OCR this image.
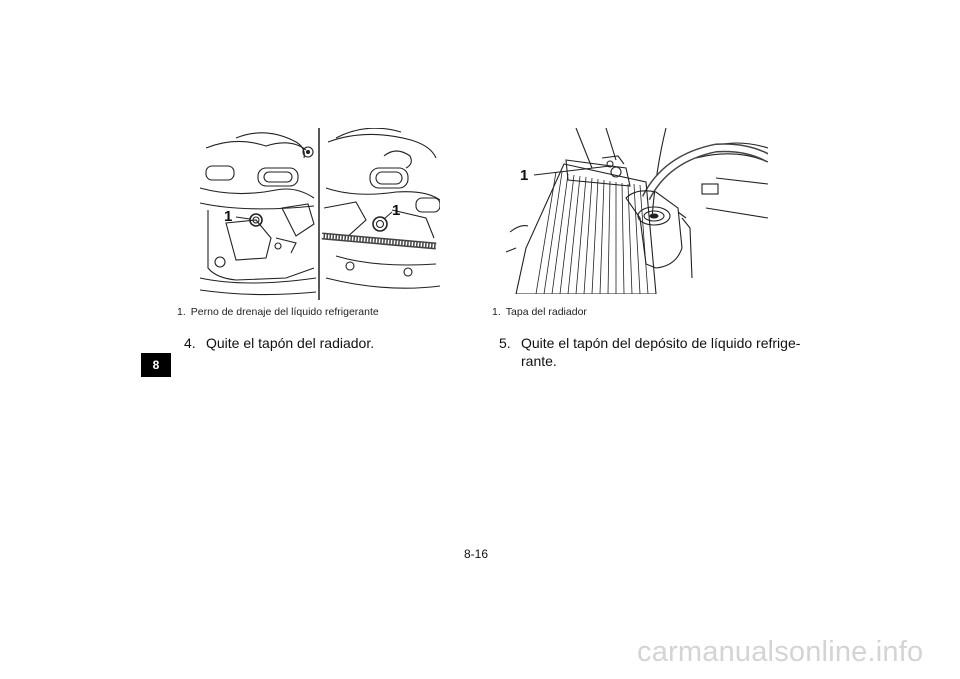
8
1	1
1. Perno de drenaje del líquido refrigerante
1
1. Tapa del radiador
4. Quite el tapón del radiador.	5. Quite el tapón del depósito de líquido refrige-
rante.
8-16
carmanualsonline.info
